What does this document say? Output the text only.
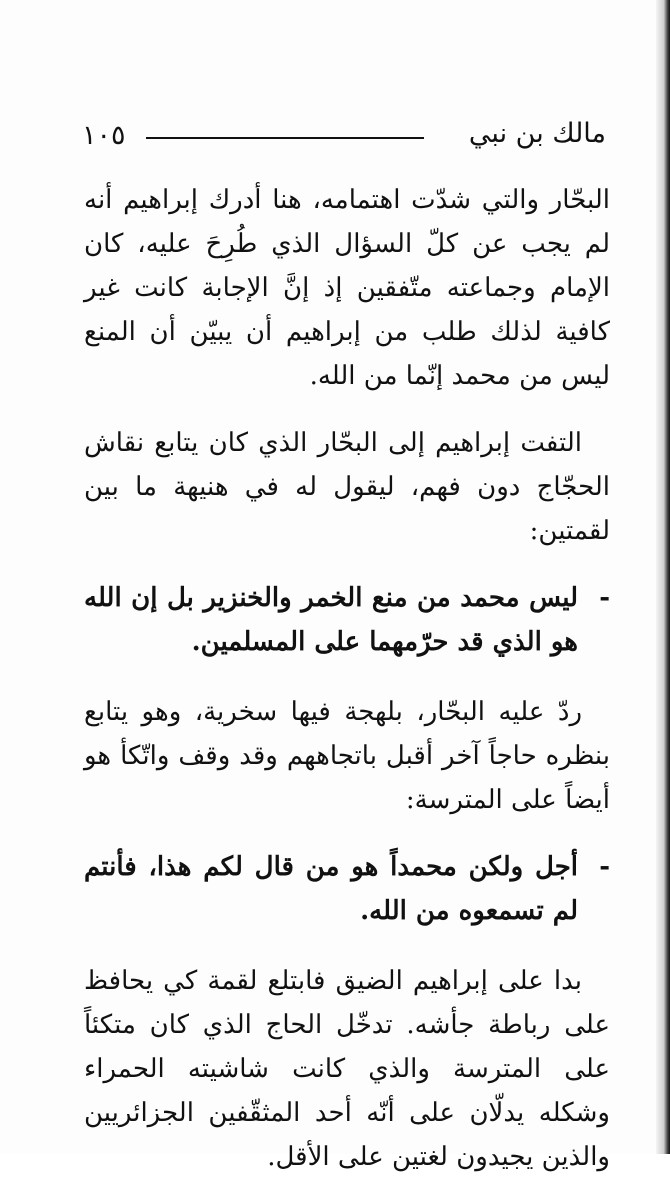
١٠٥	مالك بن نبي

البحّار والتي شدّت اهتمامه، هنا أدرك إبراهيم أنه لم يجب عن كلّ السؤال الذي طُرِحَ عليه، كان الإمام وجماعته متّفقين إذ إنَّ الإجابة كانت غير كافية لذلك طلب من إبراهيم أن يبيّن أن المنع ليس من محمد إنّما من الله.

التفت إبراهيم إلى البحّار الذي كان يتابع نقاش الحجّاج دون فهم، ليقول له في هنيهة ما بين لقمتين:

-
ليس محمد من منع الخمر والخنزير بل إن الله هو الذي قد حرّمهما على المسلمين.

ردّ عليه البحّار، بلهجة فيها سخرية، وهو يتابع بنظره حاجاً آخر أقبل باتجاههم وقد وقف واتّكأ هو أيضاً على المترسة:

-
أجل ولكن محمداً هو من قال لكم هذا، فأنتم لم تسمعوه من الله.

بدا على إبراهيم الضيق فابتلع لقمة كي يحافظ على رباطة جأشه. تدخّل الحاج الذي كان متكئاً على المترسة والذي كانت شاشيته الحمراء وشكله يدلّان على أنّه أحد المثقّفين الجزائريين والذين يجيدون لغتين على الأقل.
